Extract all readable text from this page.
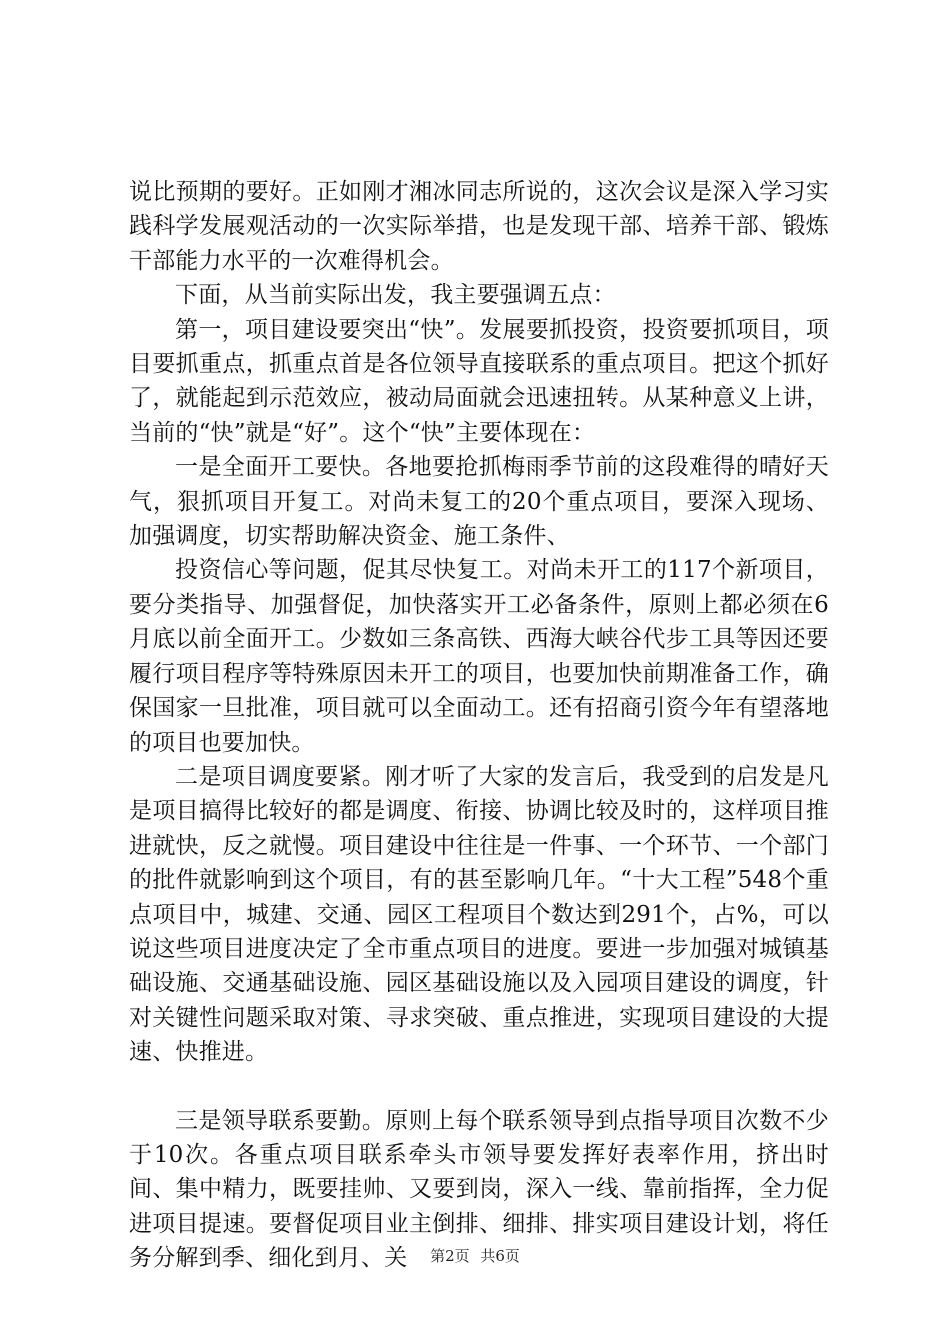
说比预期的要好。正如刚才湘冰同志所说的，这次会议是深入学习实践科学发展观活动的一次实际举措，也是发现干部、培养干部、锻炼干部能力水平的一次难得机会。

下面，从当前实际出发，我主要强调五点：

第一，项目建设要突出“快”。发展要抓投资，投资要抓项目，项目要抓重点，抓重点首是各位领导直接联系的重点项目。把这个抓好了，就能起到示范效应，被动局面就会迅速扭转。从某种意义上讲，当前的“快”就是“好”。这个“快”主要体现在：

一是全面开工要快。各地要抢抓梅雨季节前的这段难得的晴好天气，狠抓项目开复工。对尚未复工的20个重点项目，要深入现场、加强调度，切实帮助解决资金、施工条件、

投资信心等问题，促其尽快复工。对尚未开工的117个新项目，要分类指导、加强督促，加快落实开工必备条件，原则上都必须在6月底以前全面开工。少数如三条高铁、西海大峡谷代步工具等因还要履行项目程序等特殊原因未开工的项目，也要加快前期准备工作，确保国家一旦批准，项目就可以全面动工。还有招商引资今年有望落地的项目也要加快。

二是项目调度要紧。刚才听了大家的发言后，我受到的启发是凡是项目搞得比较好的都是调度、衔接、协调比较及时的，这样项目推进就快，反之就慢。项目建设中往往是一件事、一个环节、一个部门的批件就影响到这个项目，有的甚至影响几年。“十大工程”548个重点项目中，城建、交通、园区工程项目个数达到291个，占%，可以说这些项目进度决定了全市重点项目的进度。要进一步加强对城镇基础设施、交通基础设施、园区基础设施以及入园项目建设的调度，针对关键性问题采取对策、寻求突破、重点推进，实现项目建设的大提速、快推进。

三是领导联系要勤。原则上每个联系领导到点指导项目次数不少于10次。各重点项目联系牵头市领导要发挥好表率作用，挤出时间、集中精力，既要挂帅、又要到岗，深入一线、靠前指挥，全力促进项目提速。要督促项目业主倒排、细排、排实项目建设计划，将任务分解到季、细化到月、关	第2页 共6页
